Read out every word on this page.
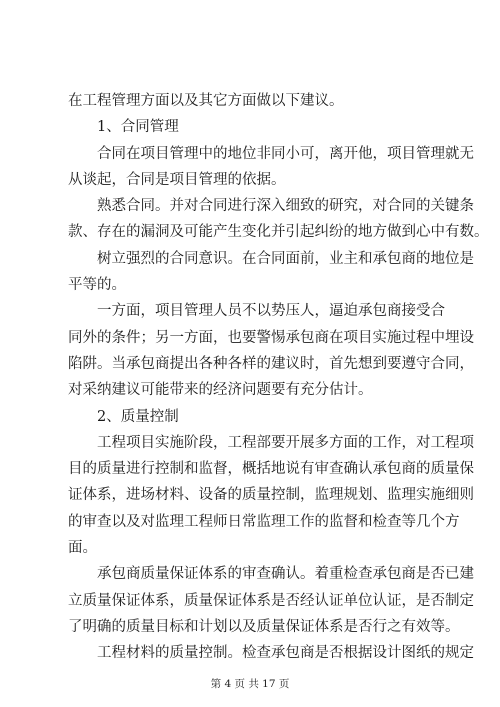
在工程管理方面以及其它方面做以下建议。
1、合同管理
合同在项目管理中的地位非同小可，离开他，项目管理就无
从谈起，合同是项目管理的依据。
熟悉合同。并对合同进行深入细致的研究，对合同的关键条
款、存在的漏洞及可能产生变化并引起纠纷的地方做到心中有数。
树立强烈的合同意识。在合同面前，业主和承包商的地位是
平等的。
一方面，项目管理人员不以势压人，逼迫承包商接受合
同外的条件；另一方面，也要警惕承包商在项目实施过程中埋设
陷阱。当承包商提出各种各样的建议时，首先想到要遵守合同，
对采纳建议可能带来的经济问题要有充分估计。
2、质量控制
工程项目实施阶段，工程部要开展多方面的工作，对工程项
目的质量进行控制和监督，概括地说有审查确认承包商的质量保
证体系，进场材料、设备的质量控制，监理规划、监理实施细则
的审查以及对监理工程师日常监理工作的监督和检查等几个方
面。
承包商质量保证体系的审查确认。着重检查承包商是否已建
立质量保证体系，质量保证体系是否经认证单位认证，是否制定
了明确的质量目标和计划以及质量保证体系是否行之有效等。
工程材料的质量控制。检查承包商是否根据设计图纸的规定
第 4 页 共 17 页
